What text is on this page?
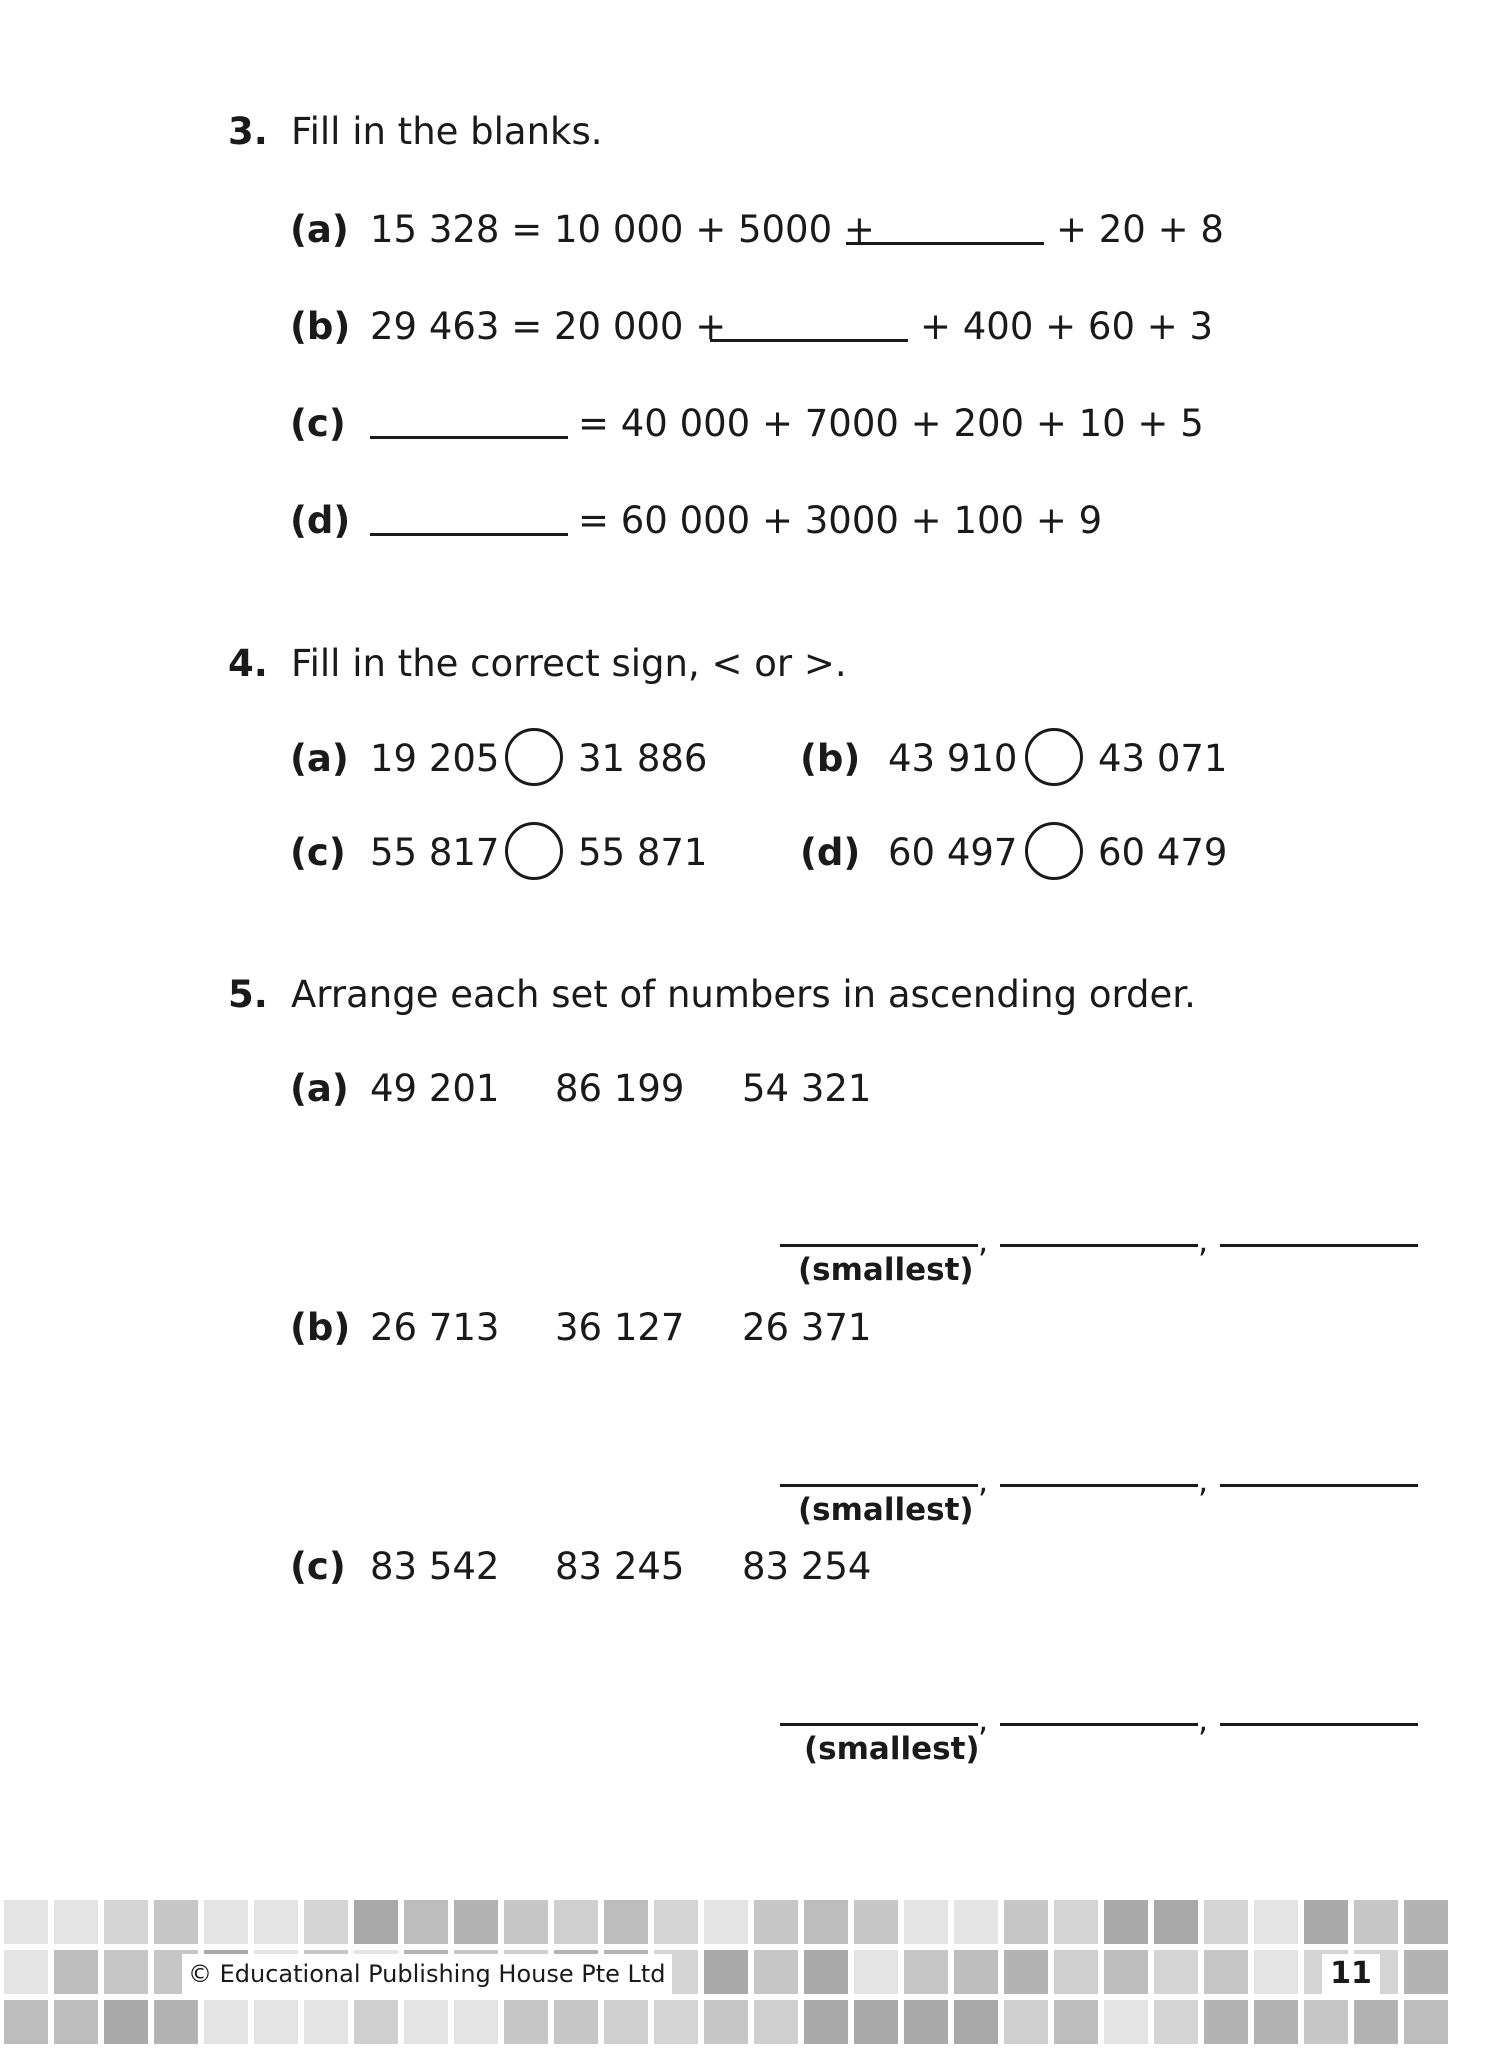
3. Fill in the blanks.
(a) 15 328 = 10 000 + 5000 +	+ 20 + 8
(b) 29 463 = 20 000 +	+ 400 + 60 + 3
(c)	= 40 000 + 7000 + 200 + 10 + 5
(d)	= 60 000 + 3000 + 100 + 9
4. Fill in the correct sign, < or >.
(a) 19 205 31 886	(b) 43 910 43 071
(c) 55 817 55 871	(d) 60 497 60 479
5. Arrange each set of numbers in ascending order.
(a) 49 201 86 199 54 321
,	,
(smallest)
(b) 26 713 36 127 26 371
,	,
(smallest)
(c) 83 542 83 245 83 254
,	,
(smallest)
© Educational Publishing House Pte Ltd	11
